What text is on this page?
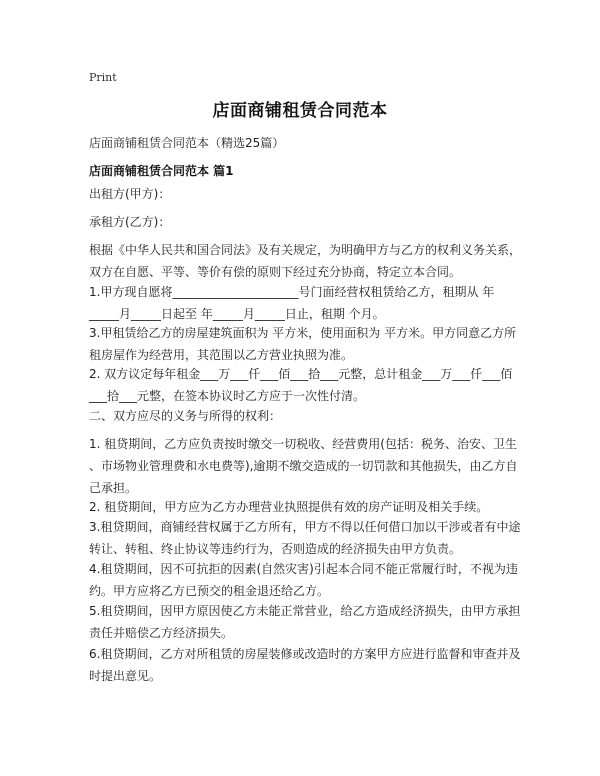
Print
店面商铺租赁合同范本
店面商铺租赁合同范本（精选25篇）
店面商铺租赁合同范本 篇1

出租方(甲方)：

承租方(乙方)：

根据《中华人民共和国合同法》及有关规定，为明确甲方与乙方的权利义务关系，
双方在自愿、平等、等价有偿的原则下经过充分协商，特定立本合同。

1.甲方现自愿将_____________________号门面经营权租赁给乙方，租期从 年
_____月_____日起至 年_____月_____日止，租期 个月。

3.甲租赁给乙方的房屋建筑面积为 平方米，使用面积为 平方米。甲方同意乙方所
租房屋作为经营用，其范围以乙方营业执照为准。

2. 双方议定每年租金___万___仟___佰___拾___元整，总计租金___万___仟___佰
___拾___元整，在签本协议时乙方应于一次性付清。

二、双方应尽的义务与所得的权利：

1. 租贷期间，乙方应负责按时缴交一切税收、经营费用(包括：税务、治安、卫生
、市场物业管理费和水电费等),逾期不缴交造成的一切罚款和其他损失，由乙方自
己承担。

2. 租贷期间，甲方应为乙方办理营业执照提供有效的房产证明及相关手续。

3.租贷期间，商铺经营权属于乙方所有，甲方不得以任何借口加以干涉或者有中途
转让、转租、终止协议等违约行为，否则造成的经济损失由甲方负责。

4.租贷期间，因不可抗拒的因素(自然灾害)引起本合同不能正常履行时，不视为违
约。甲方应将乙方已预交的租金退还给乙方。

5.租贷期间，因甲方原因使乙方未能正常营业，给乙方造成经济损失，由甲方承担
责任并赔偿乙方经济损失。

6.租贷期间，乙方对所租赁的房屋装修或改造时的方案甲方应进行监督和审查并及
时提出意见。
